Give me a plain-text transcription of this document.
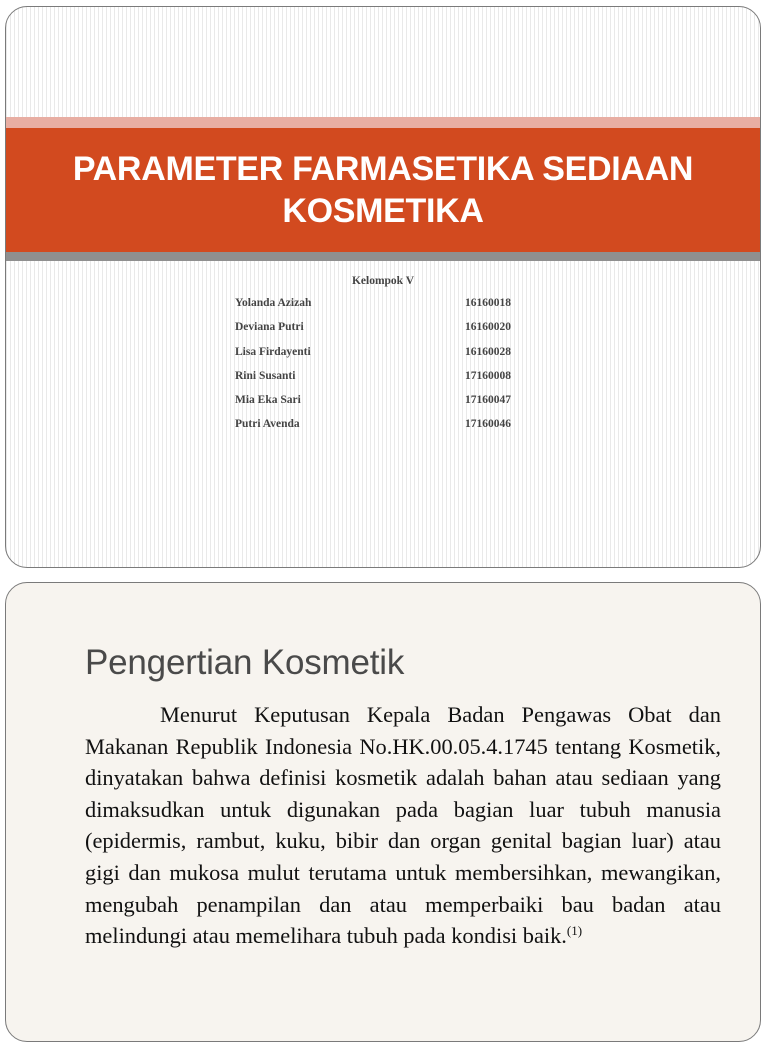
PARAMETER FARMASETIKA SEDIAAN KOSMETIKA
Kelompok V
Yolanda Azizah	16160018
Deviana Putri	16160020
Lisa Firdayenti	16160028
Rini Susanti	17160008
Mia Eka Sari	17160047
Putri Avenda	17160046
Pengertian Kosmetik

Menurut Keputusan Kepala Badan Pengawas Obat dan Makanan Republik Indonesia No.HK.00.05.4.1745 tentang Kosmetik, dinyatakan bahwa definisi kosmetik adalah bahan atau sediaan yang dimaksudkan untuk digunakan pada bagian luar tubuh manusia (epidermis, rambut, kuku, bibir dan organ genital bagian luar) atau gigi dan mukosa mulut terutama untuk membersihkan, mewangikan, mengubah penampilan dan atau memperbaiki bau badan atau melindungi atau memelihara tubuh pada kondisi baik.$^{(1)}$
